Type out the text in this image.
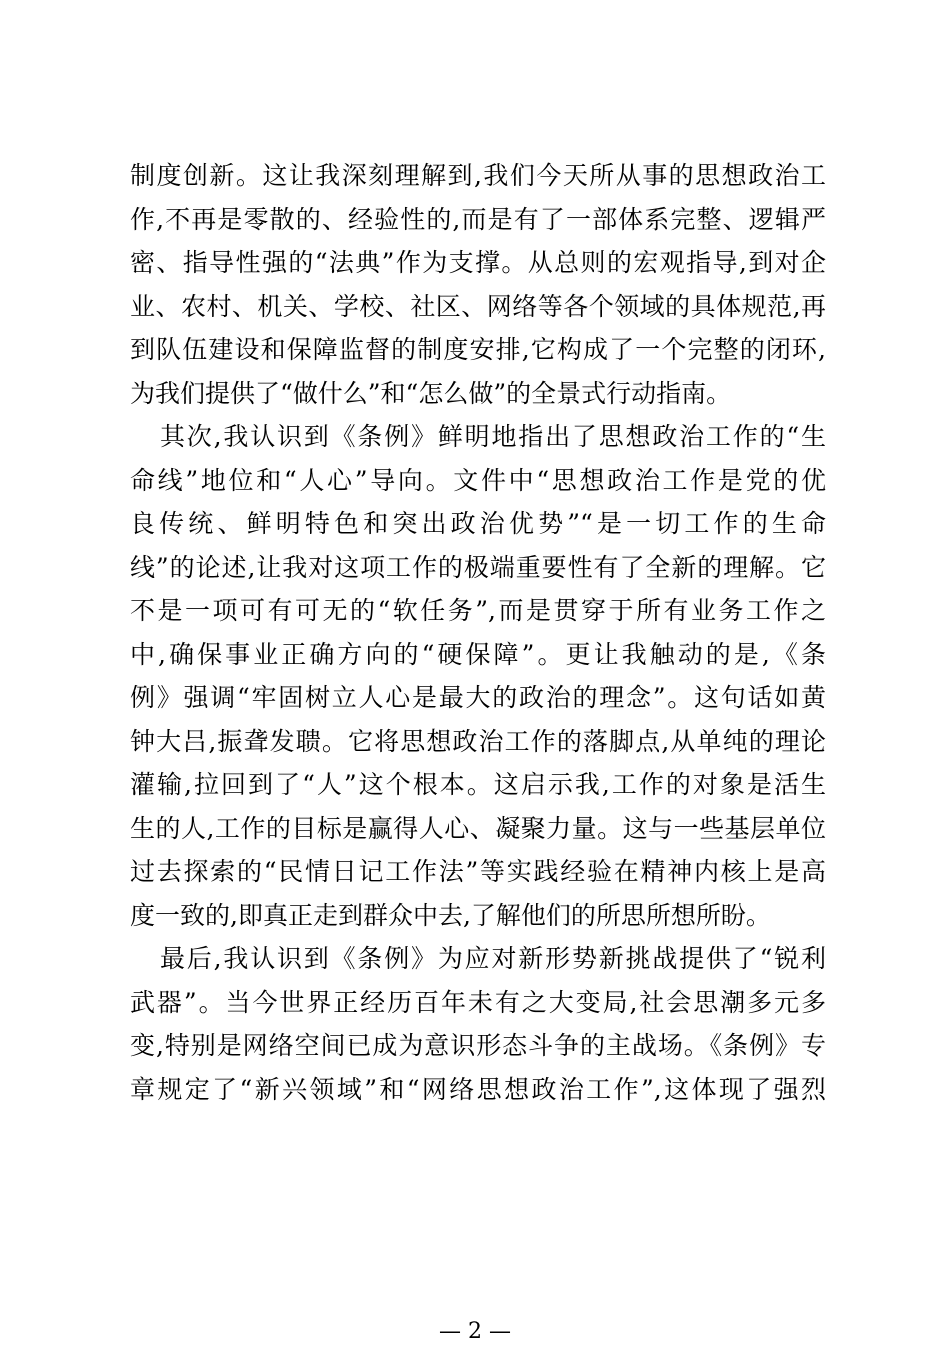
制度创新。这让我深刻理解到,我们今天所从事的思想政治工
作,不再是零散的、经验性的,而是有了一部体系完整、逻辑严
密、指导性强的“法典”作为支撑。从总则的宏观指导,到对企
业、农村、机关、学校、社区、网络等各个领域的具体规范,再
到队伍建设和保障监督的制度安排,它构成了一个完整的闭环,
为我们提供了“做什么”和“怎么做”的全景式行动指南。
其次,我认识到《条例》鲜明地指出了思想政治工作的“生
命线”地位和“人心”导向。文件中“思想政治工作是党的优
良传统、鲜明特色和突出政治优势”“是一切工作的生命
线”的论述,让我对这项工作的极端重要性有了全新的理解。它
不是一项可有可无的“软任务”,而是贯穿于所有业务工作之
中,确保事业正确方向的“硬保障”。更让我触动的是,《条
例》强调“牢固树立人心是最大的政治的理念”。这句话如黄
钟大吕,振聋发聩。它将思想政治工作的落脚点,从单纯的理论
灌输,拉回到了“人”这个根本。这启示我,工作的对象是活生
生的人,工作的目标是赢得人心、凝聚力量。这与一些基层单位
过去探索的“民情日记工作法”等实践经验在精神内核上是高
度一致的,即真正走到群众中去,了解他们的所思所想所盼。
最后,我认识到《条例》为应对新形势新挑战提供了“锐利
武器”。当今世界正经历百年未有之大变局,社会思潮多元多
变,特别是网络空间已成为意识形态斗争的主战场。《条例》专
章规定了“新兴领域”和“网络思想政治工作”,这体现了强烈
— 2 —
